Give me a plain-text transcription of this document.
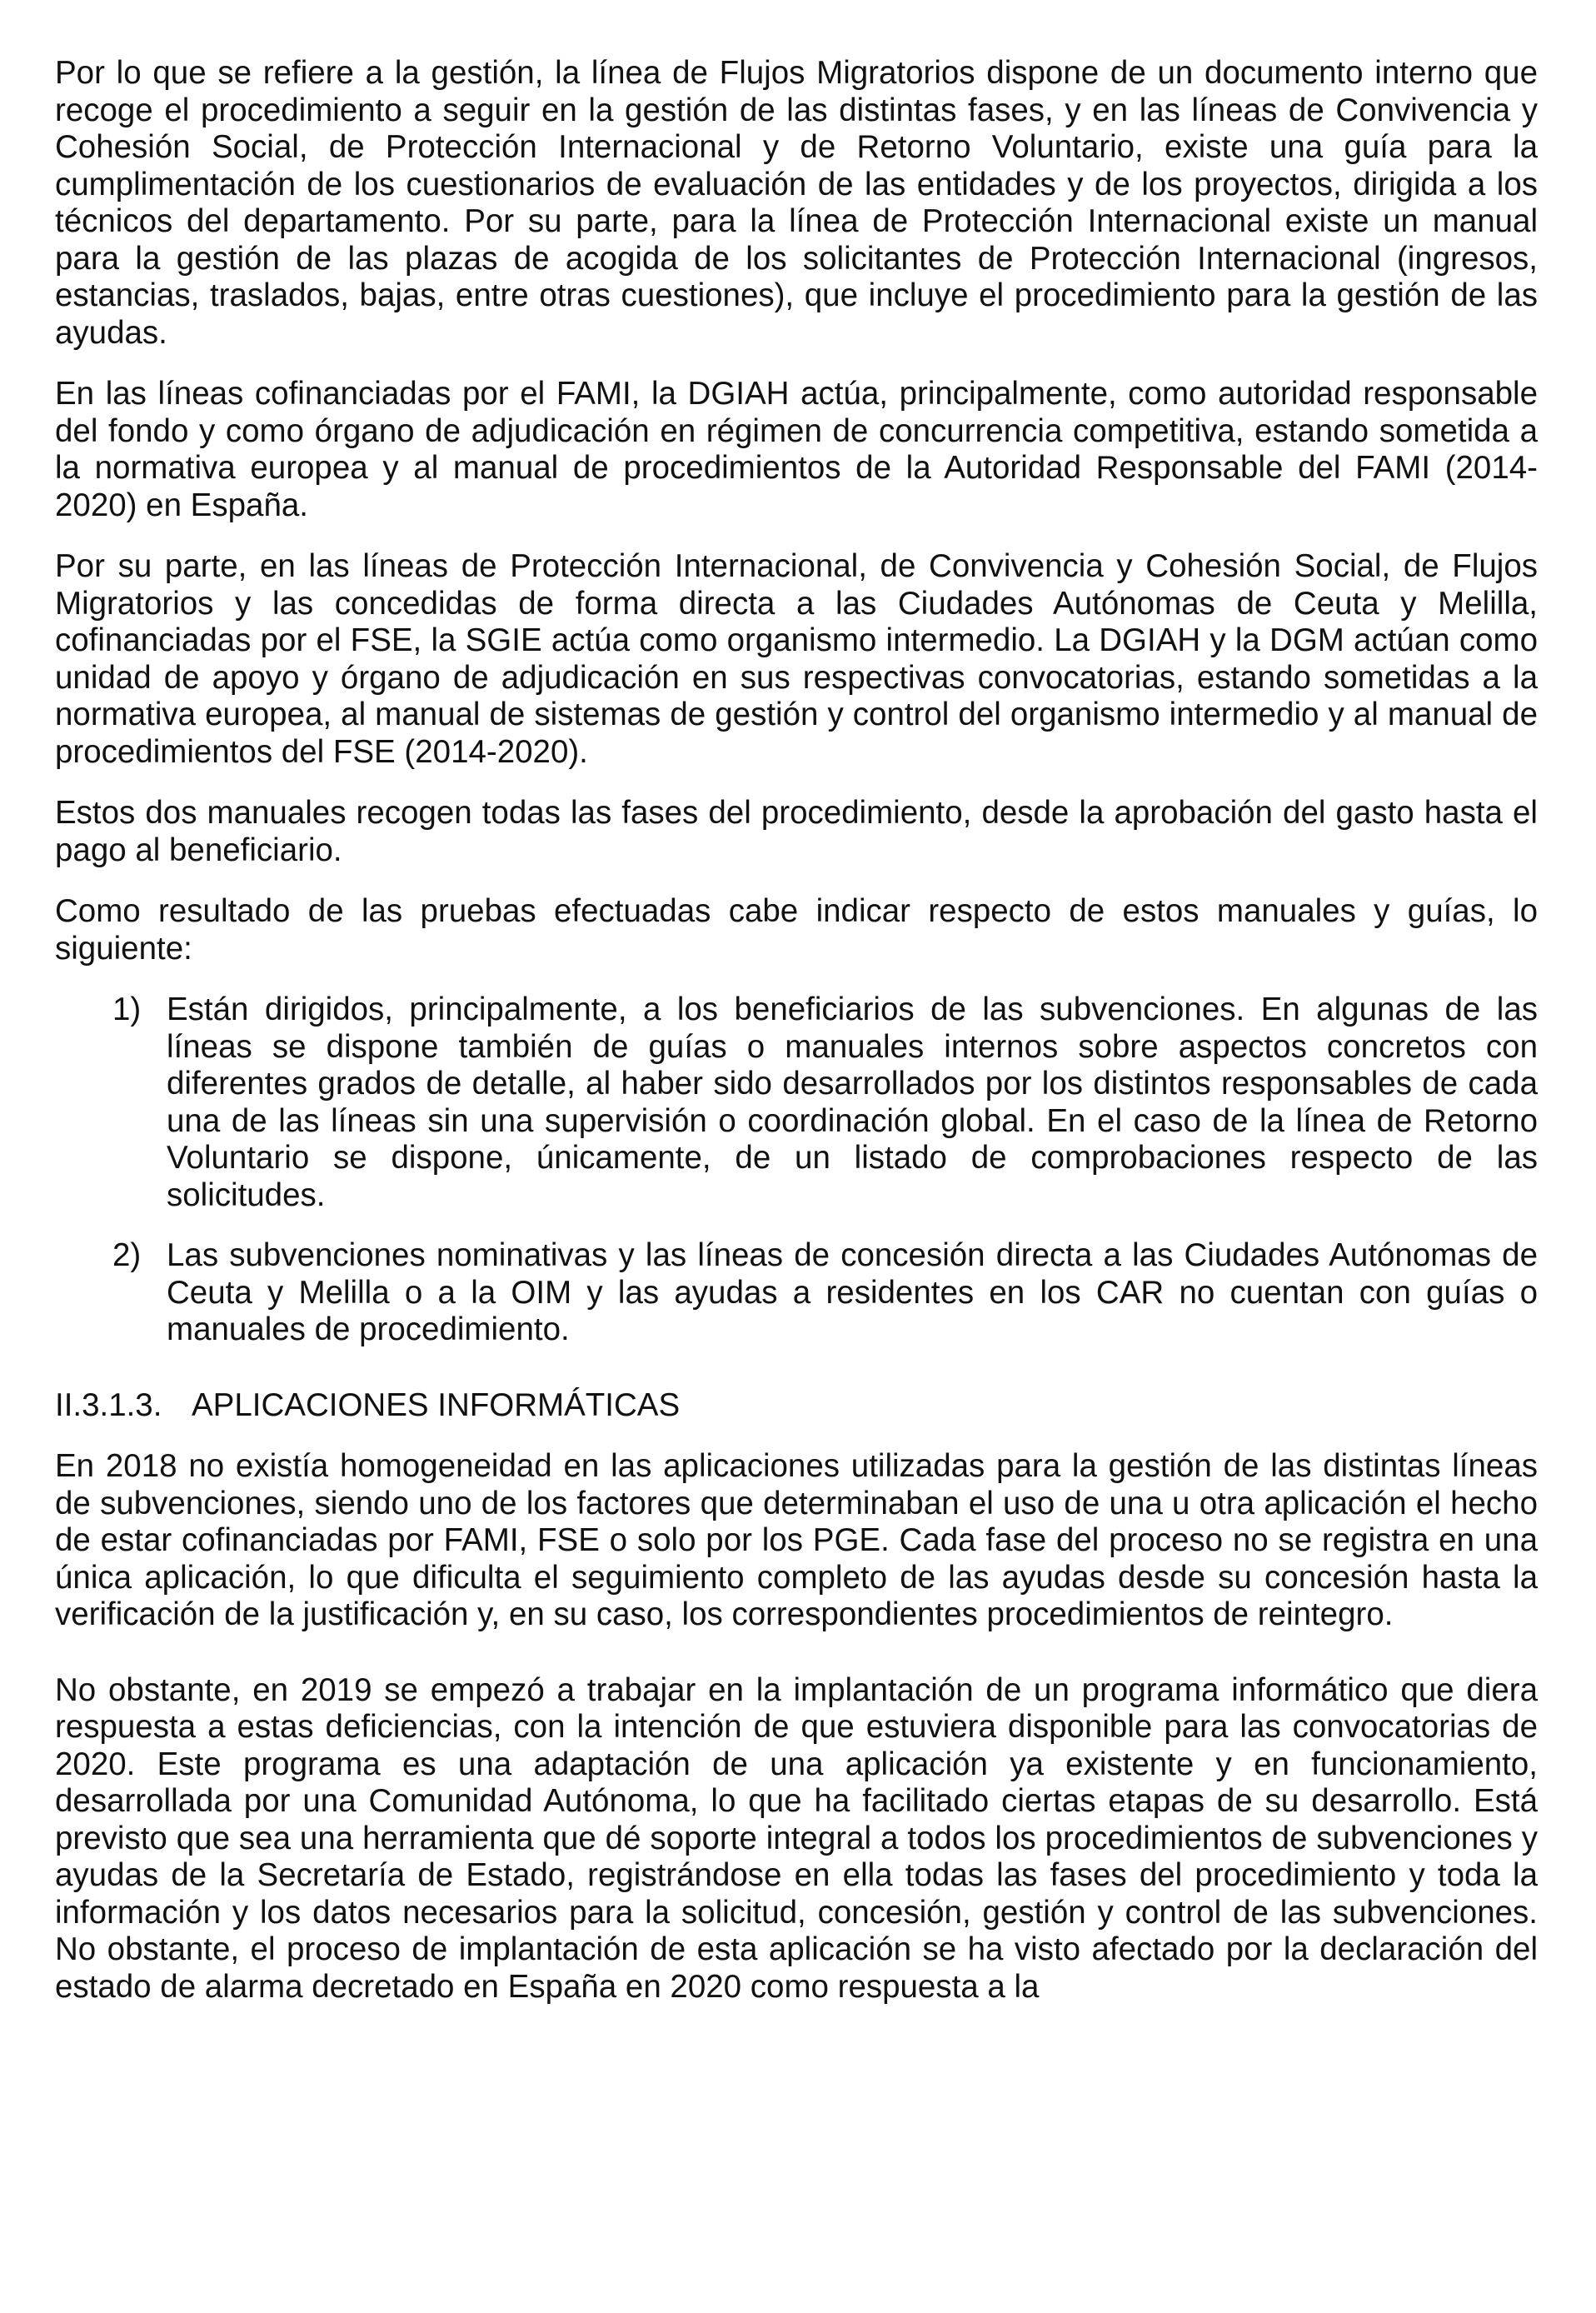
Por lo que se refiere a la gestión, la línea de Flujos Migratorios dispone de un documento interno que recoge el procedimiento a seguir en la gestión de las distintas fases, y en las líneas de Convivencia y Cohesión Social, de Protección Internacional y de Retorno Voluntario, existe una guía para la cumplimentación de los cuestionarios de evaluación de las entidades y de los proyectos, dirigida a los técnicos del departamento. Por su parte, para la línea de Protección Internacional existe un manual para la gestión de las plazas de acogida de los solicitantes de Protección Internacional (ingresos, estancias, traslados, bajas, entre otras cuestiones), que incluye el procedimiento para la gestión de las ayudas.

En las líneas cofinanciadas por el FAMI, la DGIAH actúa, principalmente, como autoridad responsable del fondo y como órgano de adjudicación en régimen de concurrencia competitiva, estando sometida a la normativa europea y al manual de procedimientos de la Autoridad Responsable del FAMI (2014-2020) en España.

Por su parte, en las líneas de Protección Internacional, de Convivencia y Cohesión Social, de Flujos Migratorios y las concedidas de forma directa a las Ciudades Autónomas de Ceuta y Melilla, cofinanciadas por el FSE, la SGIE actúa como organismo intermedio. La DGIAH y la DGM actúan como unidad de apoyo y órgano de adjudicación en sus respectivas convocatorias, estando sometidas a la normativa europea, al manual de sistemas de gestión y control del organismo intermedio y al manual de procedimientos del FSE (2014-2020).

Estos dos manuales recogen todas las fases del procedimiento, desde la aprobación del gasto hasta el pago al beneficiario.

Como resultado de las pruebas efectuadas cabe indicar respecto de estos manuales y guías, lo siguiente:

1) Están dirigidos, principalmente, a los beneficiarios de las subvenciones. En algunas de las líneas se dispone también de guías o manuales internos sobre aspectos concretos con diferentes grados de detalle, al haber sido desarrollados por los distintos responsables de cada una de las líneas sin una supervisión o coordinación global. En el caso de la línea de Retorno Voluntario se dispone, únicamente, de un listado de comprobaciones respecto de las solicitudes.
2) Las subvenciones nominativas y las líneas de concesión directa a las Ciudades Autónomas de Ceuta y Melilla o a la OIM y las ayudas a residentes en los CAR no cuentan con guías o manuales de procedimiento.
II.3.1.3. APLICACIONES INFORMÁTICAS

En 2018 no existía homogeneidad en las aplicaciones utilizadas para la gestión de las distintas líneas de subvenciones, siendo uno de los factores que determinaban el uso de una u otra aplicación el hecho de estar cofinanciadas por FAMI, FSE o solo por los PGE. Cada fase del proceso no se registra en una única aplicación, lo que dificulta el seguimiento completo de las ayudas desde su concesión hasta la verificación de la justificación y, en su caso, los correspondientes procedimientos de reintegro.

No obstante, en 2019 se empezó a trabajar en la implantación de un programa informático que diera respuesta a estas deficiencias, con la intención de que estuviera disponible para las convocatorias de 2020. Este programa es una adaptación de una aplicación ya existente y en funcionamiento, desarrollada por una Comunidad Autónoma, lo que ha facilitado ciertas etapas de su desarrollo. Está previsto que sea una herramienta que dé soporte integral a todos los procedimientos de subvenciones y ayudas de la Secretaría de Estado, registrándose en ella todas las fases del procedimiento y toda la información y los datos necesarios para la solicitud, concesión, gestión y control de las subvenciones. No obstante, el proceso de implantación de esta aplicación se ha visto afectado por la declaración del estado de alarma decretado en España en 2020 como respuesta a la
